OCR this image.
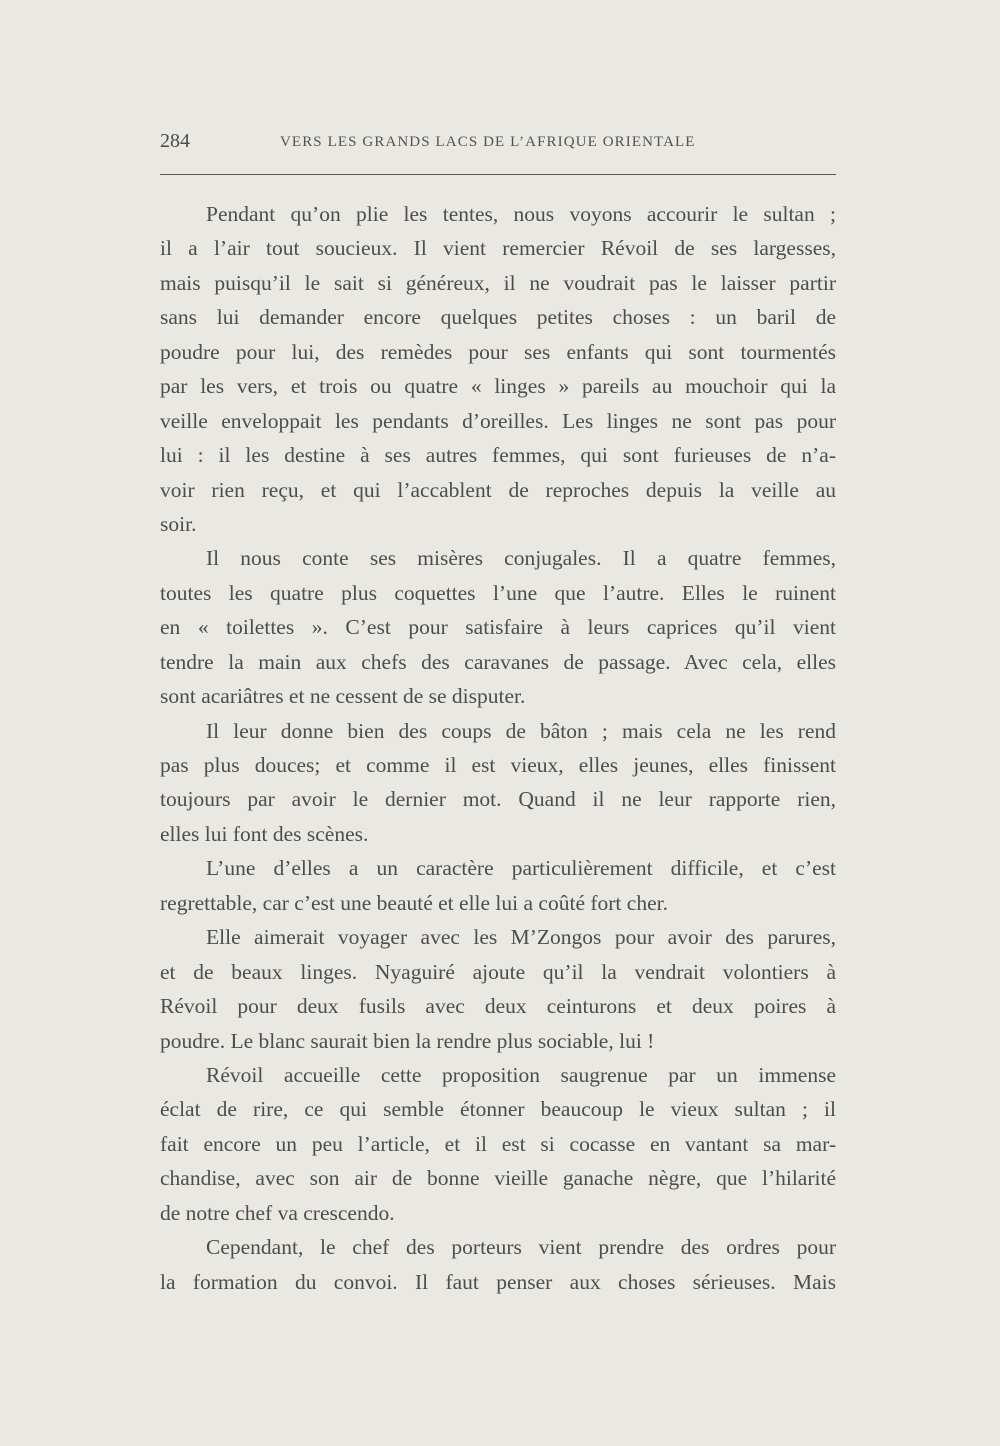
284	VERS LES GRANDS LACS DE L’AFRIQUE ORIENTALE
Pendant qu’on plie les tentes, nous voyons accourir le sultan ;
il a l’air tout soucieux. Il vient remercier Révoil de ses largesses,
mais puisqu’il le sait si généreux, il ne voudrait pas le laisser partir
sans lui demander encore quelques petites choses : un baril de
poudre pour lui, des remèdes pour ses enfants qui sont tourmentés
par les vers, et trois ou quatre « linges » pareils au mouchoir qui la
veille enveloppait les pendants d’oreilles. Les linges ne sont pas pour
lui : il les destine à ses autres femmes, qui sont furieuses de n’a-
voir rien reçu, et qui l’accablent de reproches depuis la veille au
soir.
Il nous conte ses misères conjugales. Il a quatre femmes,
toutes les quatre plus coquettes l’une que l’autre. Elles le ruinent
en « toilettes ». C’est pour satisfaire à leurs caprices qu’il vient
tendre la main aux chefs des caravanes de passage. Avec cela, elles
sont acariâtres et ne cessent de se disputer.
Il leur donne bien des coups de bâton ; mais cela ne les rend
pas plus douces; et comme il est vieux, elles jeunes, elles finissent
toujours par avoir le dernier mot. Quand il ne leur rapporte rien,
elles lui font des scènes.
L’une d’elles a un caractère particulièrement difficile, et c’est
regrettable, car c’est une beauté et elle lui a coûté fort cher.
Elle aimerait voyager avec les M’Zongos pour avoir des parures,
et de beaux linges. Nyaguiré ajoute qu’il la vendrait volontiers à
Révoil pour deux fusils avec deux ceinturons et deux poires à
poudre. Le blanc saurait bien la rendre plus sociable, lui !
Révoil accueille cette proposition saugrenue par un immense
éclat de rire, ce qui semble étonner beaucoup le vieux sultan ; il
fait encore un peu l’article, et il est si cocasse en vantant sa mar-
chandise, avec son air de bonne vieille ganache nègre, que l’hilarité
de notre chef va crescendo.
Cependant, le chef des porteurs vient prendre des ordres pour
la formation du convoi. Il faut penser aux choses sérieuses. Mais
